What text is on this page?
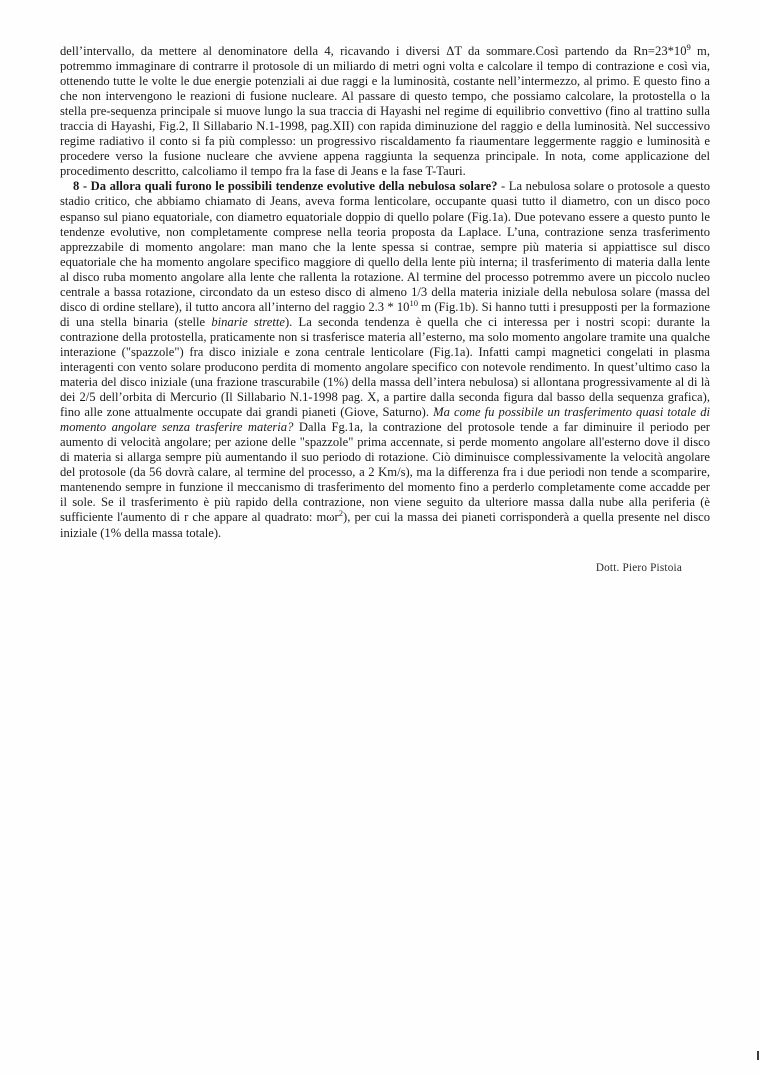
dell’intervallo, da mettere al denominatore della 4, ricavando i diversi ΔT da sommare.Così partendo da $Rn=23*10^9$ m, potremmo immaginare di contrarre il protosole di un miliardo di metri ogni volta e calcolare il tempo di contrazione e così via, ottenendo tutte le volte le due energie potenziali ai due raggi e la luminosità, costante nell’intermezzo, al primo. E questo fino a che non intervengono le reazioni di fusione nucleare. Al passare di questo tempo, che possiamo calcolare, la protostella o la stella pre-sequenza principale si muove lungo la sua traccia di Hayashi nel regime di equilibrio convettivo (fino al trattino sulla traccia di Hayashi, Fig.2, Il Sillabario N.1-1998, pag.XII) con rapida diminuzione del raggio e della luminosità. Nel successivo regime radiativo il conto si fa più complesso: un progressivo riscaldamento fa riaumentare leggermente raggio e luminosità e procedere verso la fusione nucleare che avviene appena raggiunta la sequenza principale. In nota, come applicazione del procedimento descritto, calcoliamo il tempo fra la fase di Jeans e la fase T-Tauri.

8 - Da allora quali furono le possibili tendenze evolutive della nebulosa solare? - La nebulosa solare o protosole a questo stadio critico, che abbiamo chiamato di Jeans, aveva forma lenticolare, occupante quasi tutto il diametro, con un disco poco espanso sul piano equatoriale, con diametro equatoriale doppio di quello polare (Fig.1a). Due potevano essere a questo punto le tendenze evolutive, non completamente comprese nella teoria proposta da Laplace. L’una, contrazione senza trasferimento apprezzabile di momento angolare: man mano che la lente spessa si contrae, sempre più materia si appiattisce sul disco equatoriale che ha momento angolare specifico maggiore di quello della lente più interna; il trasferimento di materia dalla lente al disco ruba momento angolare alla lente che rallenta la rotazione. Al termine del processo potremmo avere un piccolo nucleo centrale a bassa rotazione, circondato da un esteso disco di almeno 1/3 della materia iniziale della nebulosa solare (massa del disco di ordine stellare), il tutto ancora all’interno del raggio $2.3 * 10^{10}$ m (Fig.1b). Si hanno tutti i presupposti per la formazione di una stella binaria (stelle binarie strette). La seconda tendenza è quella che ci interessa per i nostri scopi: durante la contrazione della protostella, praticamente non si trasferisce materia all’esterno, ma solo momento angolare tramite una qualche interazione ("spazzole") fra disco iniziale e zona centrale lenticolare (Fig.1a). Infatti campi magnetici congelati in plasma interagenti con vento solare producono perdita di momento angolare specifico con notevole rendimento. In quest’ultimo caso la materia del disco iniziale (una frazione trascurabile (1%) della massa dell’intera nebulosa) si allontana progressivamente al di là dei 2/5 dell’orbita di Mercurio (Il Sillabario N.1-1998 pag. X, a partire dalla seconda figura dal basso della sequenza grafica), fino alle zone attualmente occupate dai grandi pianeti (Giove, Saturno). Ma come fu possibile un trasferimento quasi totale di momento angolare senza trasferire materia? Dalla Fg.1a, la contrazione del protosole tende a far diminuire il periodo per aumento di velocità angolare; per azione delle "spazzole" prima accennate, si perde momento angolare all'esterno dove il disco di materia si allarga sempre più aumentando il suo periodo di rotazione. Ciò diminuisce complessivamente la velocità angolare del protosole (da 56 dovrà calare, al termine del processo, a 2 Km/s), ma la differenza fra i due periodi non tende a scomparire, mantenendo sempre in funzione il meccanismo di trasferimento del momento fino a perderlo completamente come accadde per il sole. Se il trasferimento è più rapido della contrazione, non viene seguito da ulteriore massa dalla nube alla periferia (è sufficiente l'aumento di r che appare al quadrato: mωr$^2$), per cui la massa dei pianeti corrisponderà a quella presente nel disco iniziale (1% della massa totale).

Dott. Piero Pistoia
